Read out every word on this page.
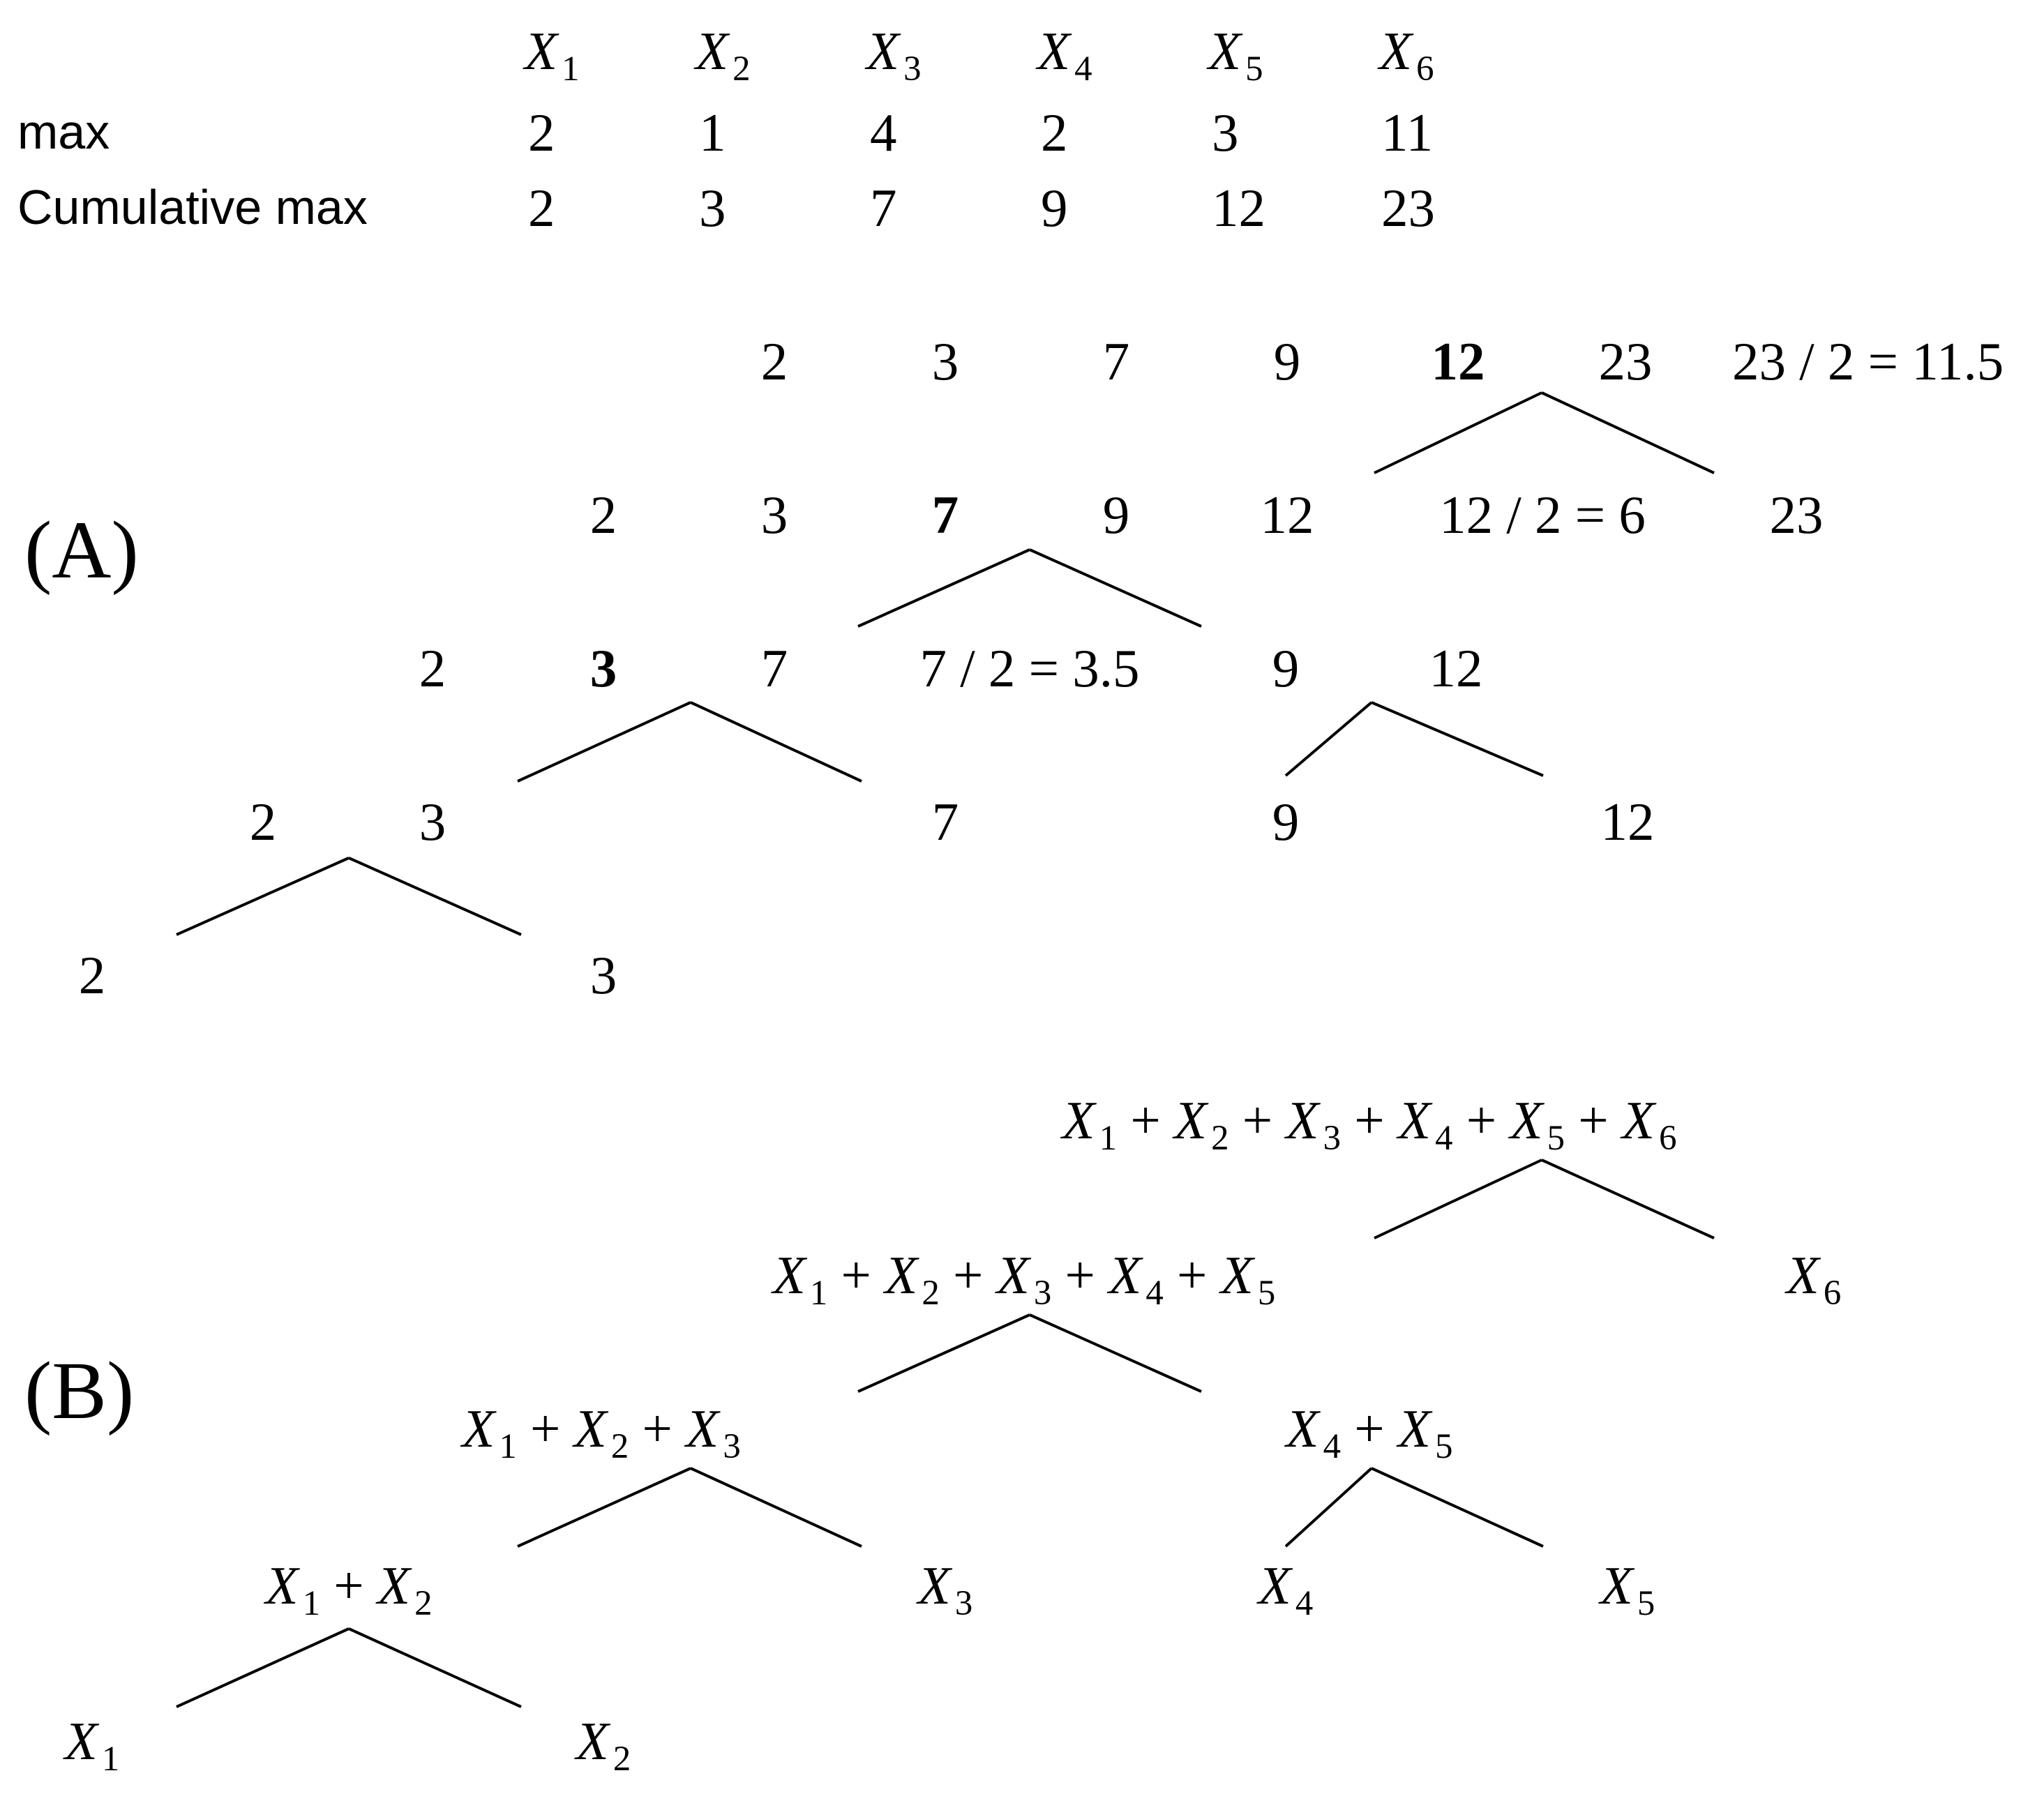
X $_1$ X $_2$ X $_3$ X $_4$ X $_5$ X $_6$
max	2	1	4	2	3	11
Cumulative max	2	3	7	9	12 23
(A)
2	3	7	9 12 23 23 / 2 = 11.5
2	3	7	9 12 12 / 2 = 6 23
2	3	7 7 / 2 = 3.5 9 12
2	3	7	9	12
2	3
(B)
X $_1$ + X $_2$ + X $_3$ + X $_4$ + X $_5$ + X $_6$
X $_1$ + X $_2$ + X $_3$ + X $_4$ + X $_5$	X $_6$
X $_1$ + X $_2$ + X $_3$	X $_4$ + X $_5$
X $_1$ + X $_2$	X $_3$	X $_4$	X $_5$
X $_1$	X $_2$
